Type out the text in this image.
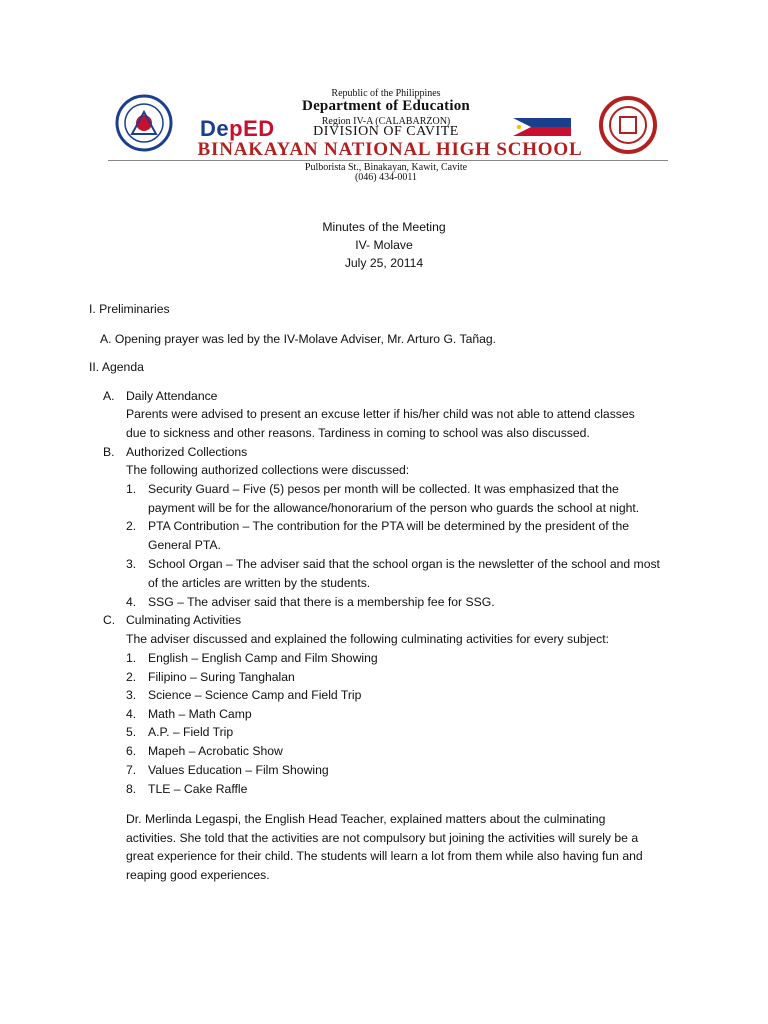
DepED

Republic of the Philippines

Department of Education

Region IV-A (CALABARZON)

DIVISION OF CAVITE

BINAKAYAN NATIONAL HIGH SCHOOL

Pulborista St., Binakayan, Kawit, Cavite

(046) 434-0011

Minutes of the Meeting

IV- Molave

July 25, 20114

I. Preliminaries

A. Opening prayer was led by the IV-Molave Adviser, Mr. Arturo G. Tañag.

II. Agenda

A. Daily Attendance

Parents were advised to present an excuse letter if his/her child was not able to attend classes
due to sickness and other reasons. Tardiness in coming to school was also discussed.

B. Authorized Collections
The following authorized collections were discussed:
1. Security Guard – Five (5) pesos per month will be collected. It was emphasized that the
payment will be for the allowance/honorarium of the person who guards the school at night.

2. PTA Contribution – The contribution for the PTA will be determined by the president of the
General PTA.

3. School Organ – The adviser said that the school organ is the newsletter of the school and most
of the articles are written by the students.

4. SSG – The adviser said that there is a membership fee for SSG.

C. Culminating Activities
The adviser discussed and explained the following culminating activities for every subject:
1. English – English Camp and Film Showing

2. Filipino – Suring Tanghalan

3. Science – Science Camp and Field Trip

4. Math – Math Camp

5. A.P. – Field Trip

6. Mapeh – Acrobatic Show

7. Values Education – Film Showing

8. TLE – Cake Raffle

Dr. Merlinda Legaspi, the English Head Teacher, explained matters about the culminating
activities. She told that the activities are not compulsory but joining the activities will surely be a
great experience for their child. The students will learn a lot from them while also having fun and
reaping good experiences.
